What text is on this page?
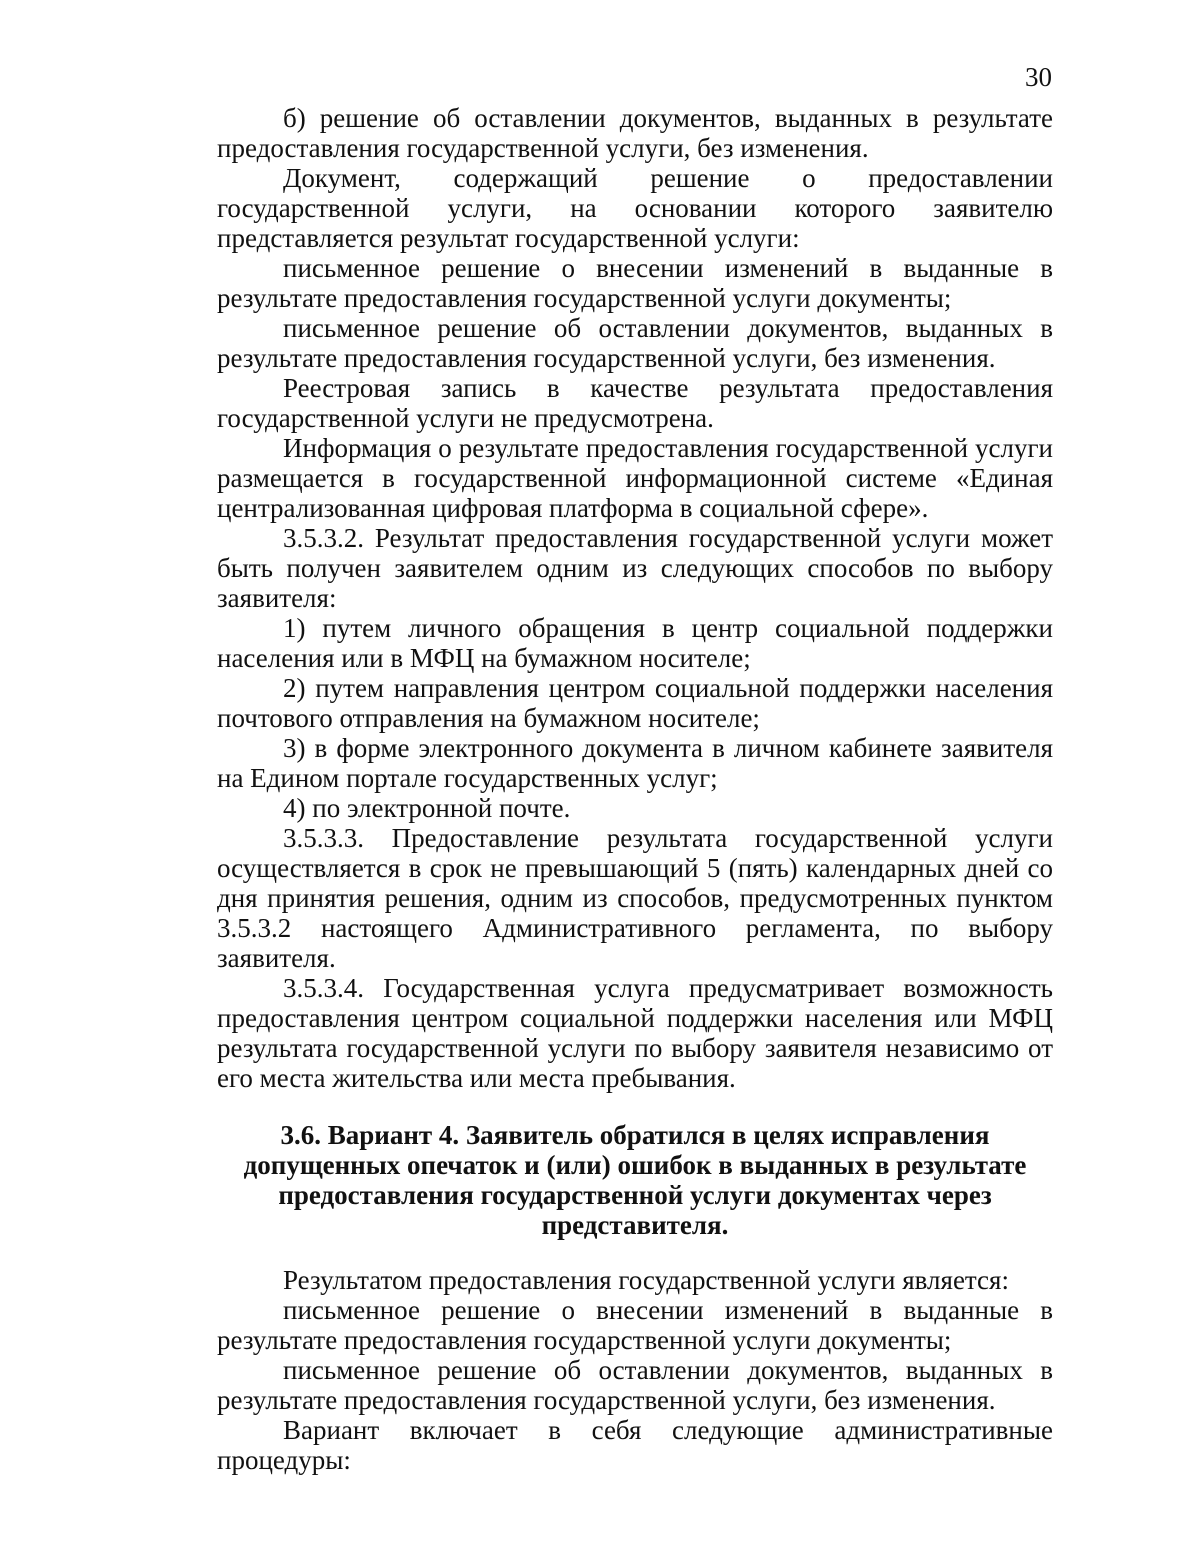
30

б) решение об оставлении документов, выданных в результате предоставления государственной услуги, без изменения.

Документ, содержащий решение о предоставлении государственной услуги, на основании которого заявителю представляется результат государственной услуги:

письменное решение о внесении изменений в выданные в результате предоставления государственной услуги документы;

письменное решение об оставлении документов, выданных в результате предоставления государственной услуги, без изменения.

Реестровая запись в качестве результата предоставления государственной услуги не предусмотрена.

Информация о результате предоставления государственной услуги размещается в государственной информационной системе «Единая централизованная цифровая платформа в социальной сфере».

3.5.3.2. Результат предоставления государственной услуги может быть получен заявителем одним из следующих способов по выбору заявителя:

1) путем личного обращения в центр социальной поддержки населения или в МФЦ на бумажном носителе;

2) путем направления центром социальной поддержки населения почтового отправления на бумажном носителе;

3) в форме электронного документа в личном кабинете заявителя на Едином портале государственных услуг;

4) по электронной почте.

3.5.3.3. Предоставление результата государственной услуги осуществляется в срок не превышающий 5 (пять) календарных дней со дня принятия решения, одним из способов, предусмотренных пунктом 3.5.3.2 настоящего Административного регламента, по выбору заявителя.

3.5.3.4. Государственная услуга предусматривает возможность предоставления центром социальной поддержки населения или МФЦ результата государственной услуги по выбору заявителя независимо от его места жительства или места пребывания.

3.6. Вариант 4. Заявитель обратился в целях исправления
допущенных опечаток и (или) ошибок в выданных в результате
предоставления государственной услуги документах через
представителя.

Результатом предоставления государственной услуги является:

письменное решение о внесении изменений в выданные в результате предоставления государственной услуги документы;

письменное решение об оставлении документов, выданных в результате предоставления государственной услуги, без изменения.

Вариант включает в себя следующие административные процедуры:
